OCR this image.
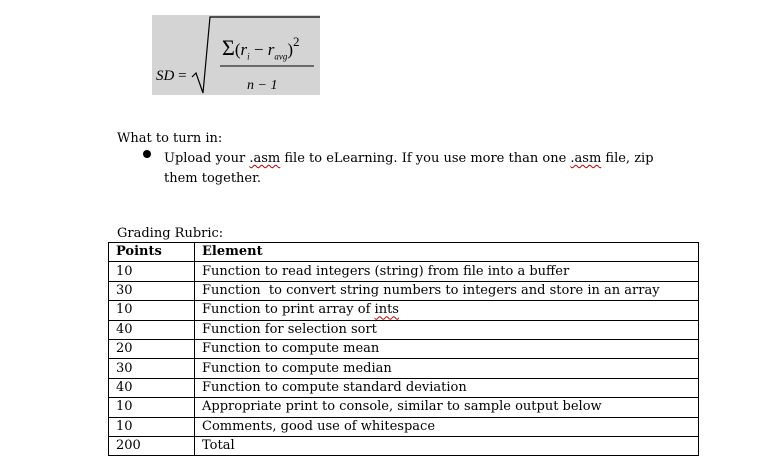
SD =
$\Sigma(r_i - r_{avg})^2$
n − 1
What to turn in:
Upload your .asm file to eLearning. If you use more than one .asm file, zip them together.
Grading Rubric:
Points	Element
10	Function to read integers (string) from file into a buffer
30	Function  to convert string numbers to integers and store in an array
10	Function to print array of ints
40	Function for selection sort
20	Function to compute mean
30	Function to compute median
40	Function to compute standard deviation
10	Appropriate print to console, similar to sample output below
10	Comments, good use of whitespace
200	Total
